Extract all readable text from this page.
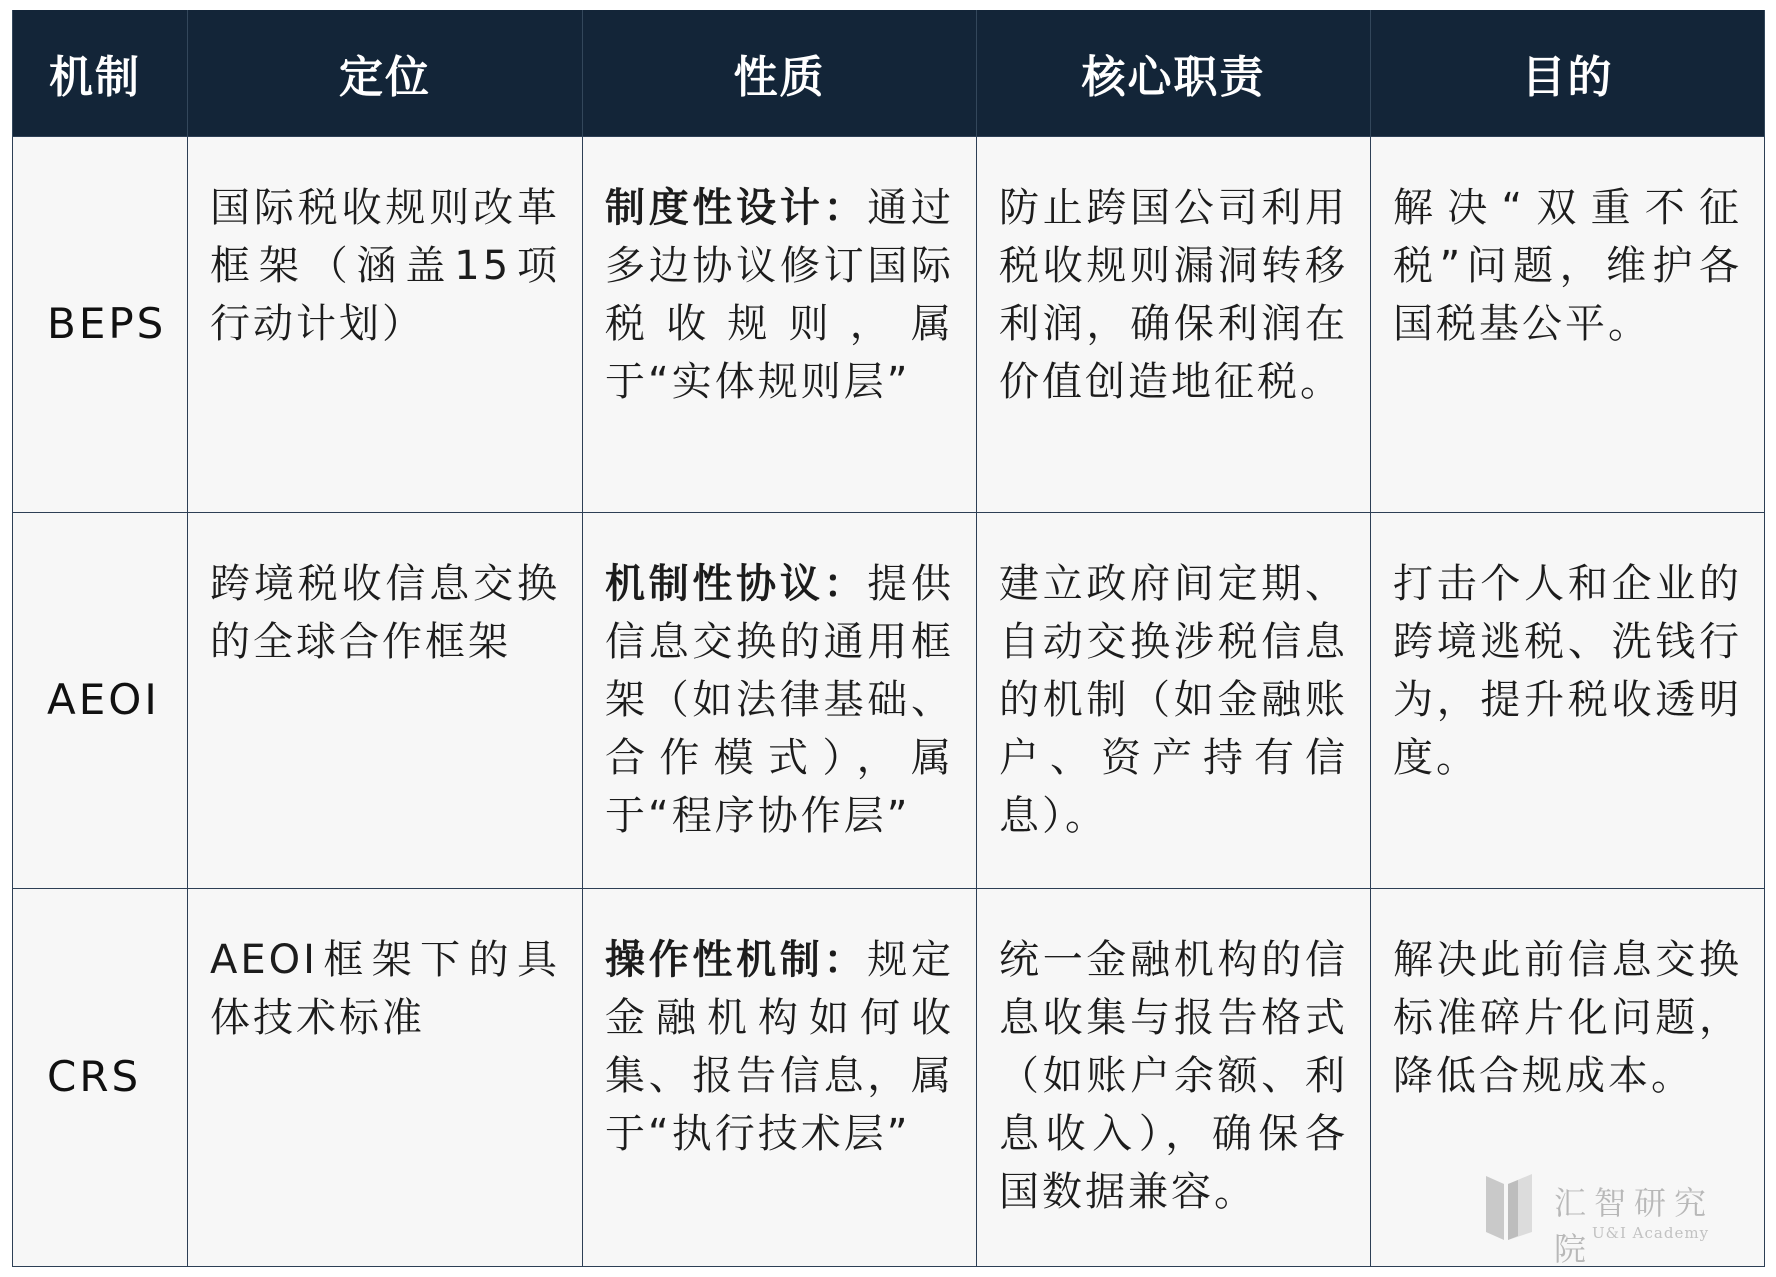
机制	定位	性质	核心职责	目的
BEPS	国际税收规则改革框架（涵盖15项行动计划）	制度性设计：通过多边协议修订国际税收规则，属于“实体规则层”	防止跨国公司利用税收规则漏洞转移利润，确保利润在价值创造地征税。	解决“双重不征税”问题，维护各国税基公平。
AEOI	跨境税收信息交换的全球合作框架	机制性协议：提供信息交换的通用框架（如法律基础、合作模式），属于“程序协作层”	建立政府间定期、自动交换涉税信息的机制（如金融账户、资产持有信息）。	打击个人和企业的跨境逃税、洗钱行为，提升税收透明度。
CRS	AEOI框架下的具体技术标准	操作性机制：规定金融机构如何收集、报告信息，属于“执行技术层”	统一金融机构的信息收集与报告格式（如账户余额、利息收入），确保各国数据兼容。	解决此前信息交换标准碎片化问题，降低合规成本。
汇智研究院
U&I Academy
